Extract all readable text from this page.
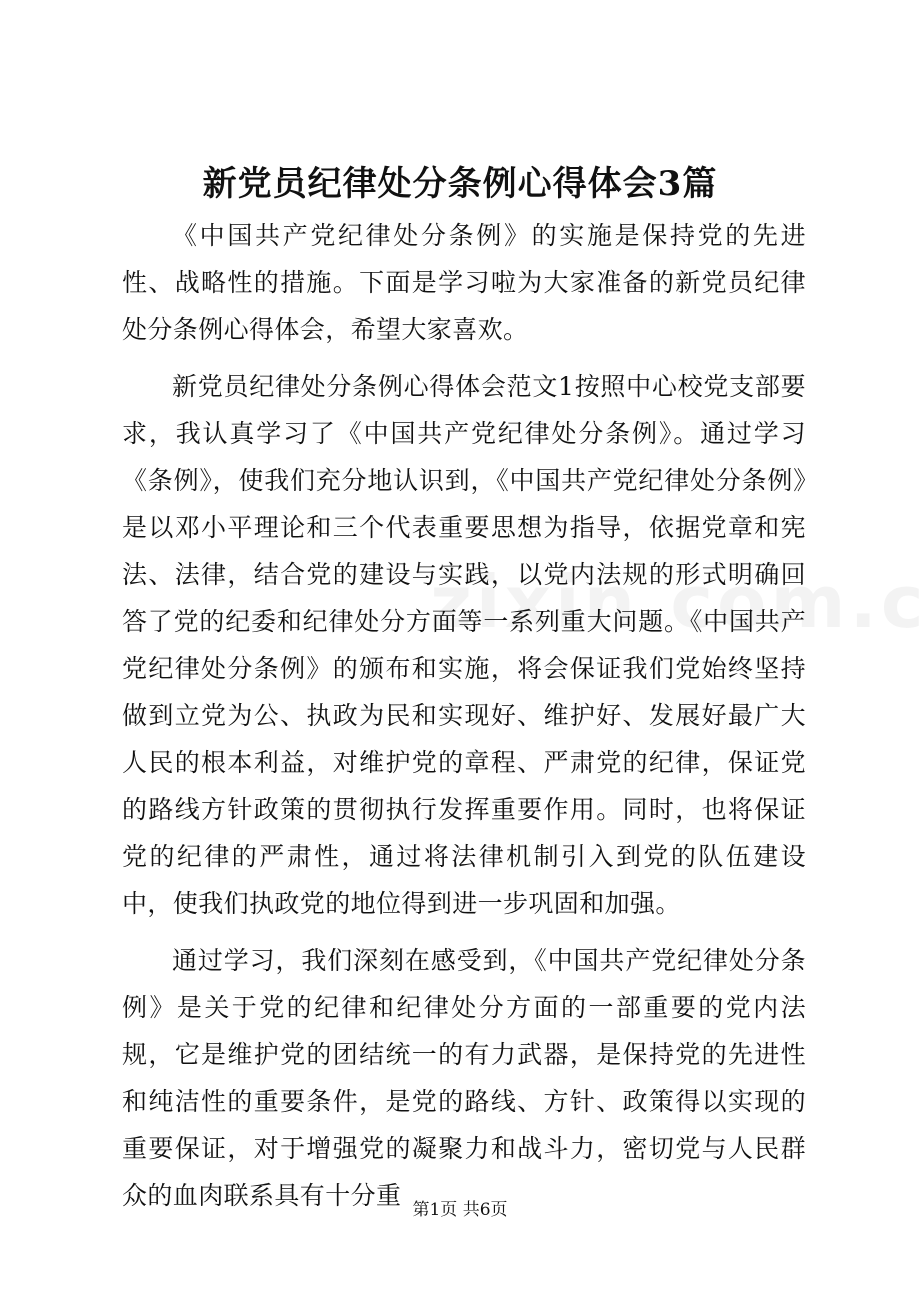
新党员纪律处分条例心得体会3篇

《中国共产党纪律处分条例》的实施是保持党的先进性、战略性的措施。下面是学习啦为大家准备的新党员纪律处分条例心得体会，希望大家喜欢。

新党员纪律处分条例心得体会范文1按照中心校党支部要求，我认真学习了《中国共产党纪律处分条例》。通过学习《条例》，使我们充分地认识到，《中国共产党纪律处分条例》是以邓小平理论和三个代表重要思想为指导，依据党章和宪法、法律，结合党的建设与实践，以党内法规的形式明确回答了党的纪委和纪律处分方面等一系列重大问题。《中国共产党纪律处分条例》的颁布和实施，将会保证我们党始终坚持做到立党为公、执政为民和实现好、维护好、发展好最广大人民的根本利益，对维护党的章程、严肃党的纪律，保证党的路线方针政策的贯彻执行发挥重要作用。同时，也将保证党的纪律的严肃性，通过将法律机制引入到党的队伍建设中，使我们执政党的地位得到进一步巩固和加强。

通过学习，我们深刻在感受到，《中国共产党纪律处分条例》是关于党的纪律和纪律处分方面的一部重要的党内法规，它是维护党的团结统一的有力武器，是保持党的先进性和纯洁性的重要条件，是党的路线、方针、政策得以实现的重要保证，对于增强党的凝聚力和战斗力，密切党与人民群众的血肉联系具有十分重 第1页 共6页
